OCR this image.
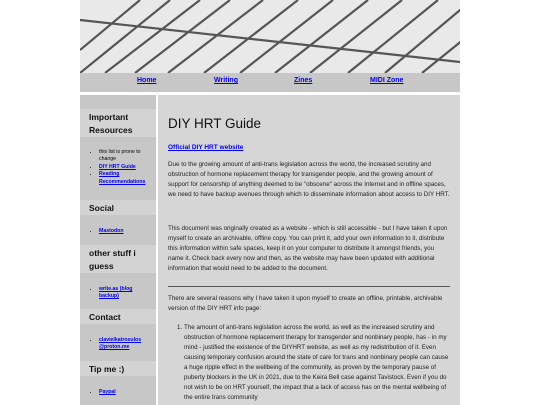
Home	Writing	Zines	MIDI Zone
Important Resources
• this list is prone to change
• DIY HRT Guide
• Reading Recommendations
Social
• Mastodon
other stuff i guess
• write.as (blog backup)
Contact
• clavielkatrosulos @proton.me
Tip me :)
• Paypal
DIY HRT Guide
Official DIY HRT website

Due to the growing amount of anti-trans legislation across the world, the increased scrutiny and obstruction of hormone replacement therapy for transgender people, and the growing amount of support for censorship of anything deemed to be "obscene" across the Internet and in offline spaces, we need to have backup avenues through which to disseminate information about access to DIY HRT.

This document was originally created as a website - which is still accessible - but I have taken it upon myself to create an archivable, offline copy. You can print it, add your own information to it, distribute this information within safe spaces, keep it on your computer to distribute it amongst friends, you name it. Check back every now and then, as the website may have been updated with additional information that would need to be added to the document.

There are several reasons why I have taken it upon myself to create an offline, printable, archivable version of the DIY HRT info page:

1. The amount of anti-trans legislation across the world, as well as the increased scrutiny and obstruction of hormone replacement therapy for transgender and nonbinary people, has - in my mind - justified the existence of the DIYHRT website, as well as my redistribution of it. Even causing temporary confusion around the state of care for trans and nonbinary people can cause a huge ripple effect in the wellbeing of the community, as proven by the temporary pause of puberty blockers in the UK in 2021, due to the Keira Bell case against Tavistock. Even if you do not wish to be on HRT yourself, the impact that a lack of access has on the mental wellbeing of the entire trans community
